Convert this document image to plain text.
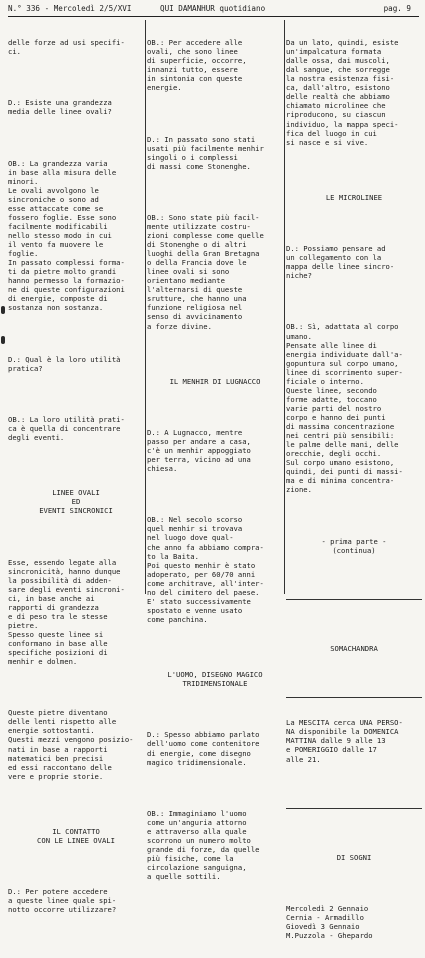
N.° 336 - Mercoledì 2/5/XVI	QUI DAMANHUR quotidiano	pag. 9

delle forze ad usi specifi-
ci.

D.: Esiste una grandezza
media delle linee ovali?

OB.: La grandezza varia
in base alla misura delle
minori.
Le ovali avvolgono le
sincroniche o sono ad
esse attaccate come se
fossero foglie. Esse sono
facilmente modificabili
nello stesso modo in cui
il vento fa muovere le
foglie.
In passato complessi forma-
ti da pietre molto grandi
hanno permesso la formazio-
ne di queste configurazioni
di energie, composte di
sostanza non sostanza.

D.: Qual è la loro utilità
pratica?

OB.: La loro utilità prati-
ca è quella di concentrare
degli eventi.

LINEE OVALI
ED
EVENTI SINCRONICI

Esse, essendo legate alla
sincronicità, hanno dunque
la possibilità di adden-
sare degli eventi sincroni-
ci, in base anche ai
rapporti di grandezza
e di peso tra le stesse
pietre.
Spesso queste linee si
conformano in base alle
specifiche posizioni di
menhir e dolmen.

Queste pietre diventano
delle lenti rispetto alle
energie sottostanti.
Questi mezzi vengono posizio-
nati in base a rapporti
matematici ben precisi
ed essi raccontano delle
vere e proprie storie.

IL CONTATTO
CON LE LINEE OVALI

D.: Per potere accedere
a queste linee quale spi-
notto occorre utilizzare?

OB.: Per accedere alle
ovali, che sono linee
di superficie, occorre,
innanzi tutto, essere
in sintonia con queste
energie.

D.: In passato sono stati
usati più facilmente menhir
singoli o i complessi
di massi come Stonenghe.

OB.: Sono state più facil-
mente utilizzate costru-
zioni complesse come quelle
di Stonenghe o di altri
luoghi della Gran Bretagna
o della Francia dove le
linee ovali si sono
orientano mediante
l'alternarsi di queste
srutture, che hanno una
funzione religiosa nel
senso di avvicinamento
a forze divine.

IL MENHIR DI LUGNACCO

D.: A Lugnacco, mentre
passo per andare a casa,
c'è un menhir appoggiato
per terra, vicino ad una
chiesa.

OB.: Nel secolo scorso
quel menhir si trovava
nel luogo dove qual-
che anno fa abbiamo compra-
to la Baita.
Poi questo menhir è stato
adoperato, per 60/70 anni
come architrave, all'inter-
no del cimitero del paese.
E' stato successivamente
spostato e venne usato
come panchina.

L'UOMO, DISEGNO MAGICO
TRIDIMENSIONALE

D.: Spesso abbiamo parlato
dell'uomo come contenitore
di energie, come disegno
magico tridimensionale.

OB.: Immaginiamo l'uomo
come un'anguria attorno
e attraverso alla quale
scorrono un numero molto
grande di forze, da quelle
più fisiche, come la
circolazione sanguigna,
a quelle sottili.

Da un lato, quindi, esiste
un'impalcatura formata
dalle ossa, dai muscoli,
dal sangue, che sorregge
la nostra esistenza fisi-
ca, dall'altro, esistono
delle realtà che abbiamo
chiamato microlinee che
riproducono, su ciascun
individuo, la mappa speci-
fica del luogo in cui
si nasce e si vive.

LE MICROLINEE

D.: Possiamo pensare ad
un collegamento con la
mappa delle linee sincro-
niche?

OB.: Sì, adattata al corpo
umano.
Pensate alle linee di
energia individuate dall'a-
gopuntura sul corpo umano,
linee di scorrimento super-
ficiale o interno.
Queste linee, secondo
forme adatte, toccano
varie parti del nostro
corpo e hanno dei punti
di massima concentrazione
nei centri più sensibili:
le palme delle mani, delle
orecchie, degli occhi.
Sul corpo umano esistono,
quindi, dei punti di massi-
ma e di minima concentra-
zione.

- prima parte -
(continua)

SOMACHANDRA

La MESCITA cerca UNA PERSO-
NA disponibile la DOMENICA
MATTINA dalle 9 alle 13
e POMERIGGIO dalle 17
alle 21.

DI SOGNI

Mercoledì 2 Gennaio
Cernia - Armadillo
Giovedì 3 Gennaio
M.Puzzola - Ghepardo
